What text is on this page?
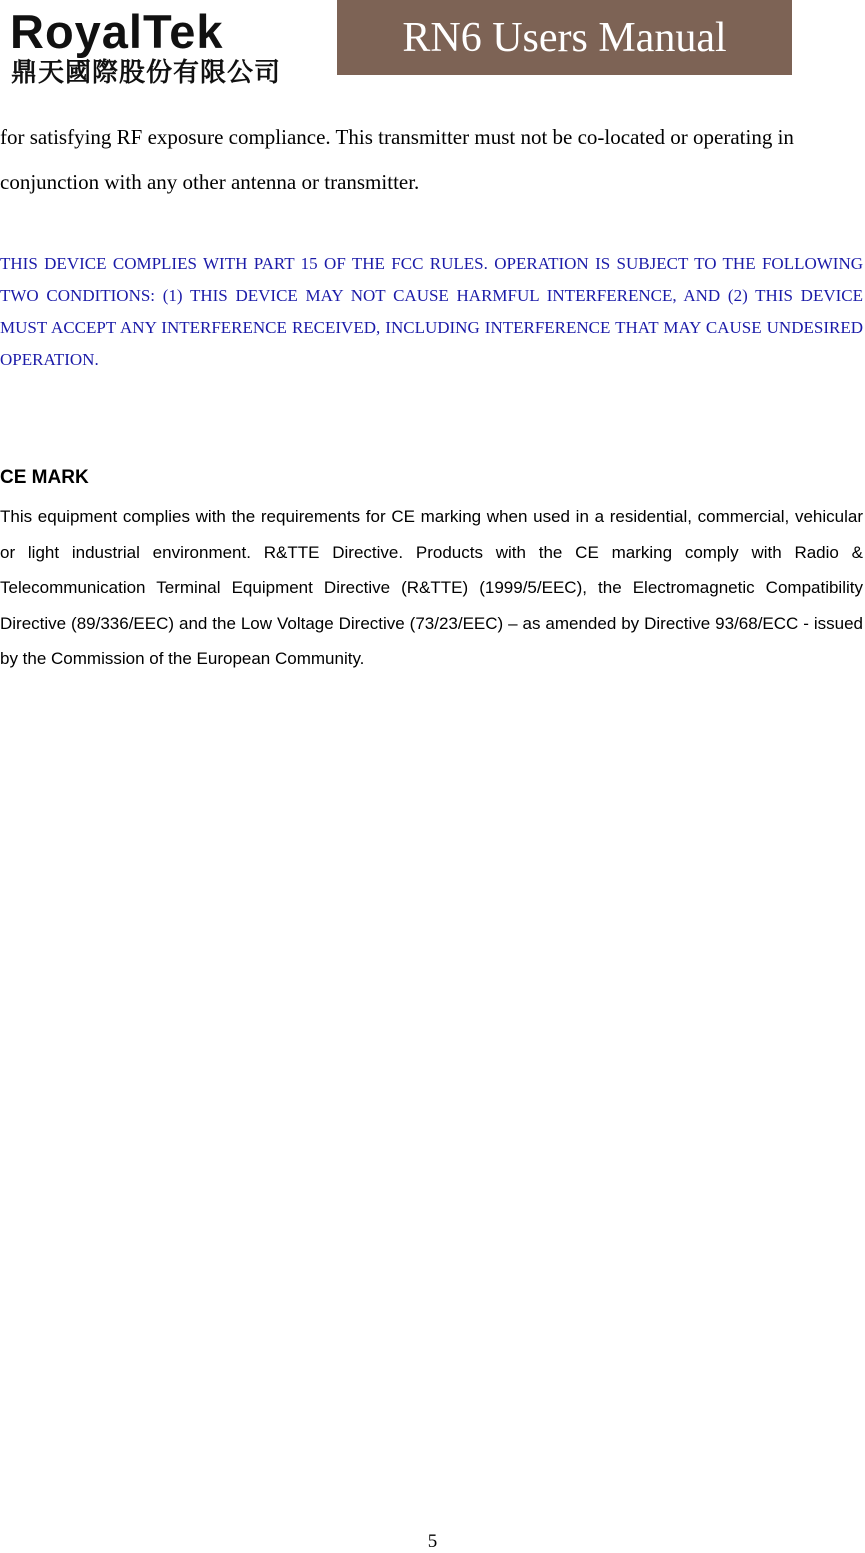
RoyalTek
鼎天國際股份有限公司
RN6 Users Manual

for satisfying RF exposure compliance. This transmitter must not be co-located or operating in conjunction with any other antenna or transmitter.

THIS DEVICE COMPLIES WITH PART 15 OF THE FCC RULES. OPERATION IS SUBJECT TO THE FOLLOWING TWO CONDITIONS: (1) THIS DEVICE MAY NOT CAUSE HARMFUL INTERFERENCE, AND (2) THIS DEVICE MUST ACCEPT ANY INTERFERENCE RECEIVED, INCLUDING INTERFERENCE THAT MAY CAUSE UNDESIRED OPERATION.

CE MARK

This equipment complies with the requirements for CE marking when used in a residential, commercial, vehicular or light industrial environment. R&TTE Directive. Products with the CE marking comply with Radio & Telecommunication Terminal Equipment Directive (R&TTE) (1999/5/EEC), the Electromagnetic Compatibility Directive (89/336/EEC) and the Low Voltage Directive (73/23/EEC) – as amended by Directive 93/68/ECC - issued by the Commission of the European Community.

5
